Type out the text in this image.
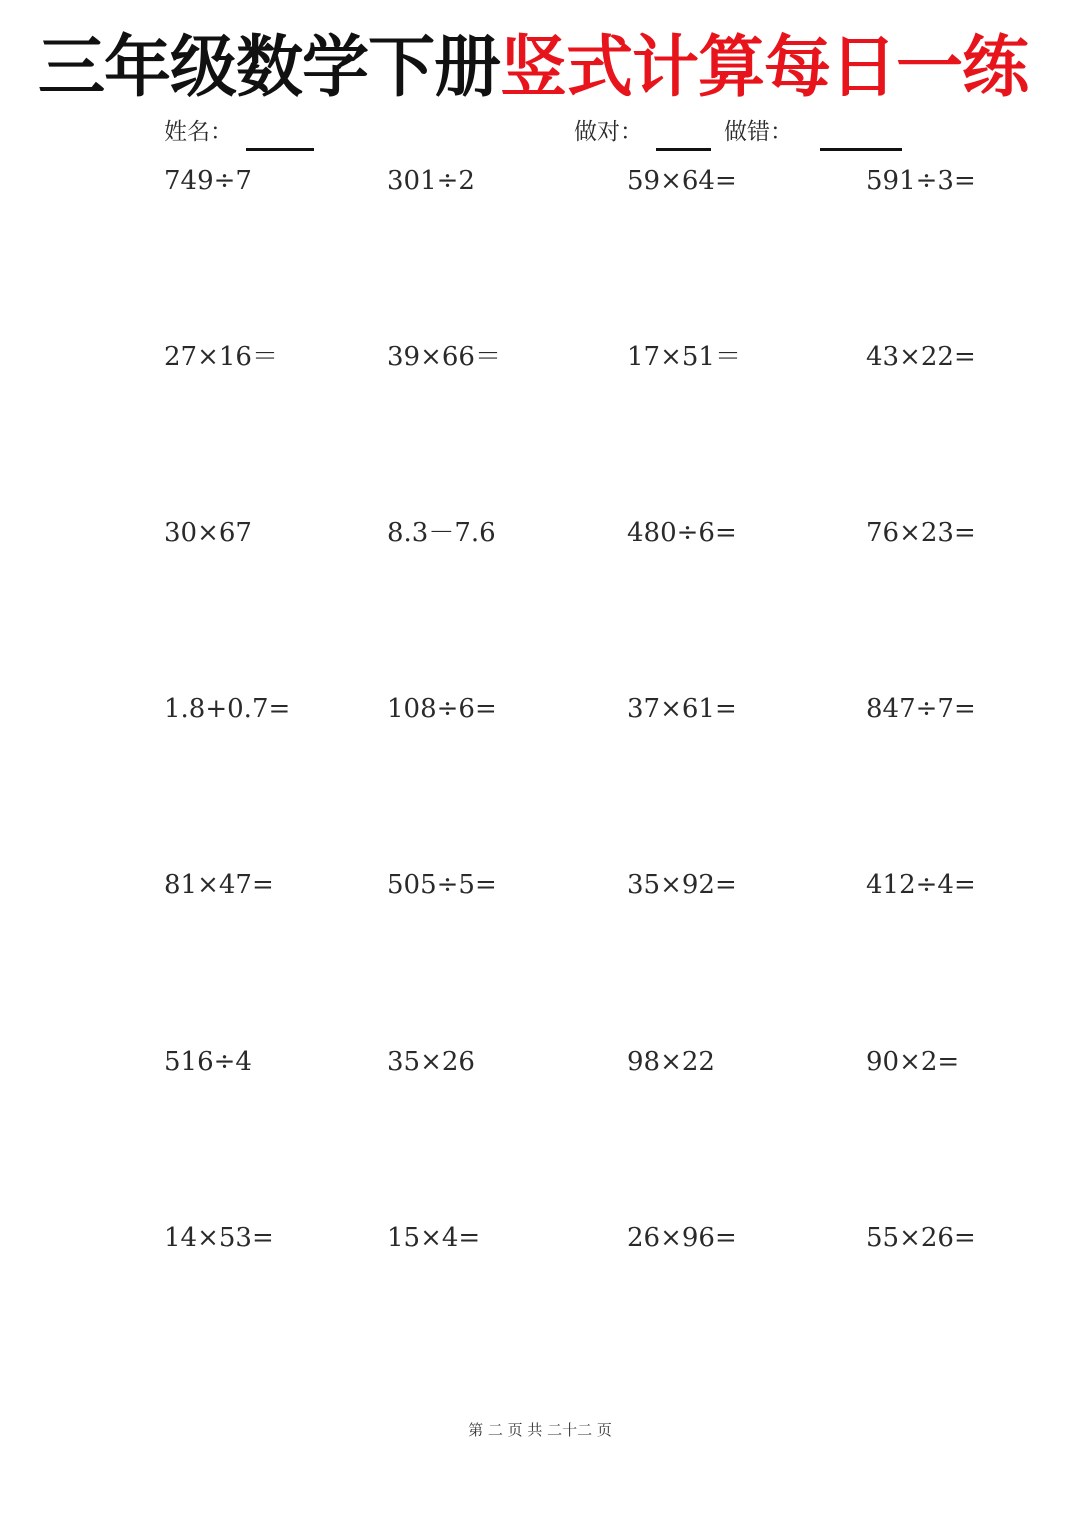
三年级数学下册竖式计算每日一练
姓名：	做对：	做错：
749÷7	301÷2	59×64=	591÷3=
27×16＝	39×66＝	17×51＝	43×22=
30×67	8.3－7.6	480÷6=	76×23=
1.8+0.7=	108÷6=	37×61=	847÷7=
81×47=	505÷5=	35×92=	412÷4=
516÷4	35×26	98×22	90×2=
14×53=	15×4=	26×96=	55×26=
第 二 页 共 二十二 页
